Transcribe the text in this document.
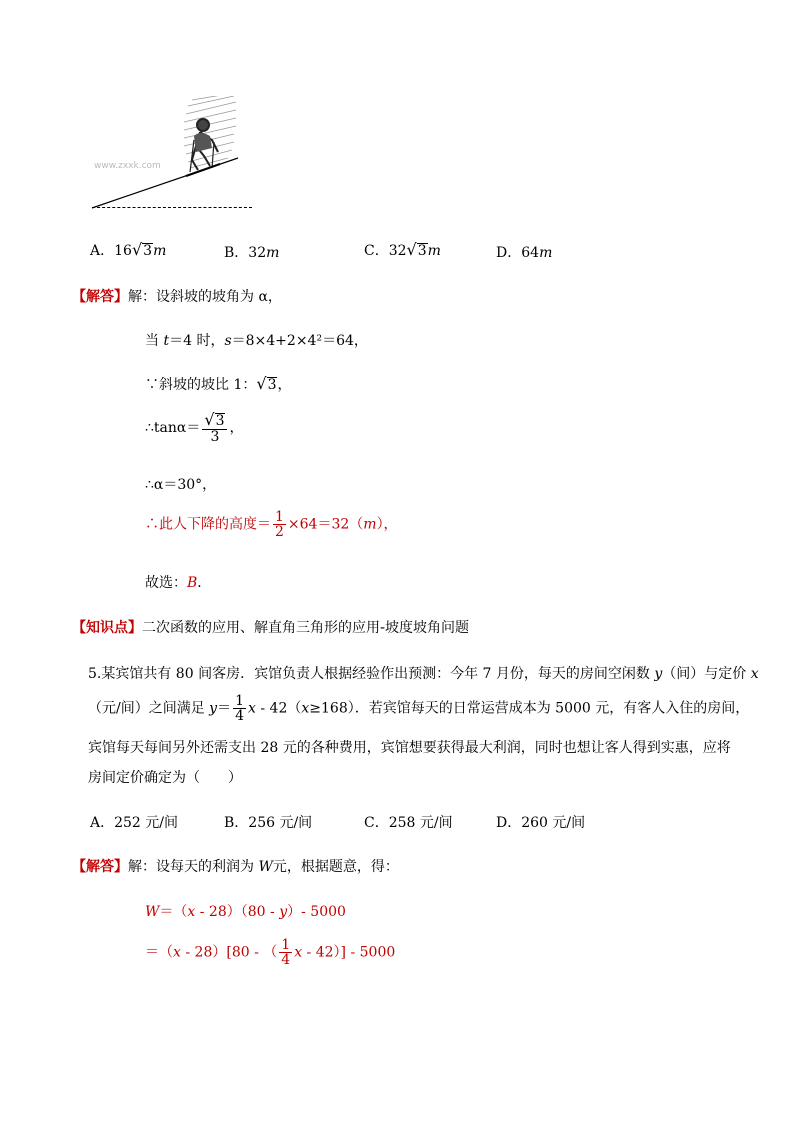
www.zxxk.com
A．16√3m	B．32m	C．32√3m	D．64m
【解答】解：设斜坡的坡角为 α，
当 t＝4 时，s＝8×4+2×4²＝64，
∵斜坡的坡比 1：√3，
∴tanα＝ $\frac{√3}{3}$ ，
∴α＝30°，
∴此人下降的高度＝ $\frac{1}{2} \times 64=32(m)$，
故选：B．
【知识点】二次函数的应用、解直角三角形的应用-坡度坡角问题
5.某宾馆共有 80 间客房．宾馆负责人根据经验作出预测：今年 7 月份，每天的房间空闲数 y（间）与定价 x
（元/间）之间满足 $y= \frac{1}{4}$ x - 42（x≥168）．若宾馆每天的日常运营成本为 5000 元，有客人入住的房间，
宾馆每天每间另外还需支出 28 元的各种费用，宾馆想要获得最大利润，同时也想让客人得到实惠，应将
房间定价确定为（　　）
A．252 元/间	B．256 元/间	C．258 元/间	D．260 元/间
【解答】解：设每天的利润为 W元，根据题意，得：
W＝（x - 28）（80 - y）- 5000
＝（x - 28）[80 - （ $\frac{1}{4}$ x - 42）] - 5000
